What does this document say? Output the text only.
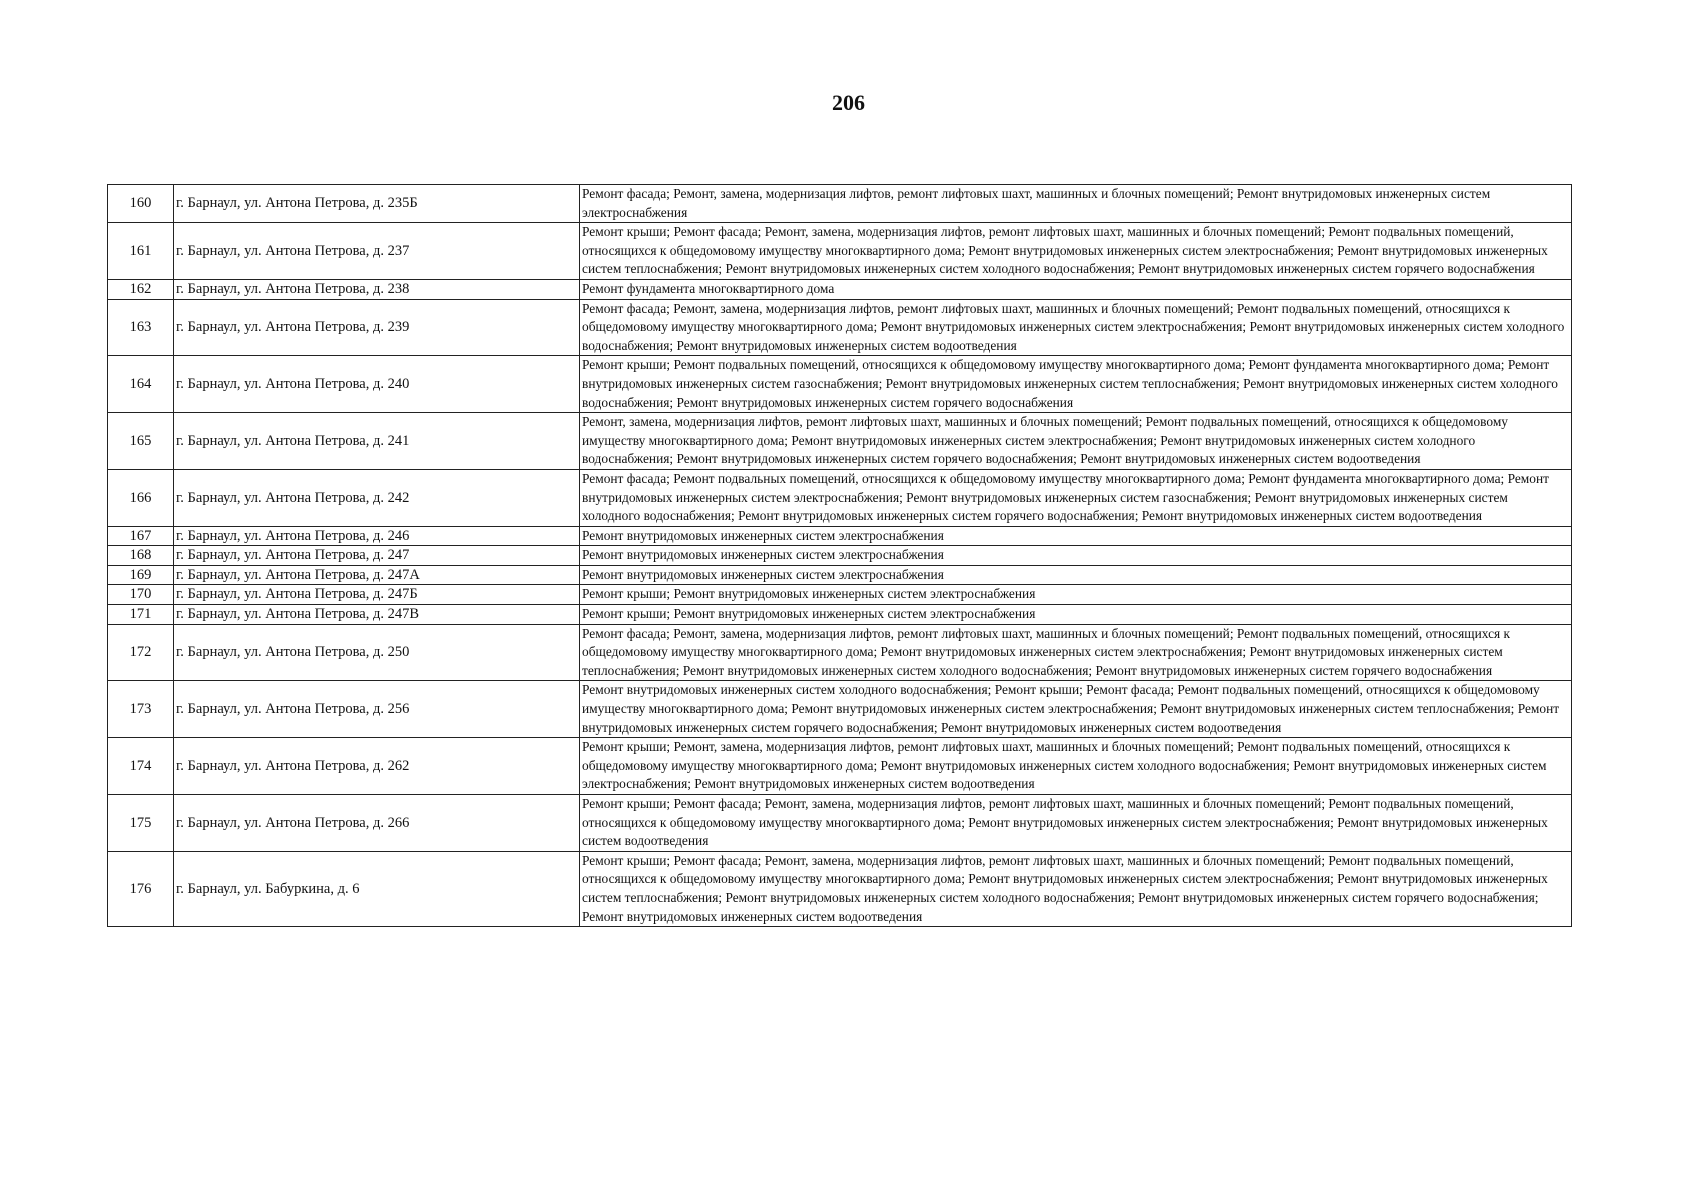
206
160	г. Барнаул, ул. Антона Петрова, д. 235Б	Ремонт фасада; Ремонт, замена, модернизация лифтов, ремонт лифтовых шахт, машинных и блочных помещений; Ремонт внутридомовых инженерных систем электроснабжения
161	г. Барнаул, ул. Антона Петрова, д. 237	Ремонт крыши; Ремонт фасада; Ремонт, замена, модернизация лифтов, ремонт лифтовых шахт, машинных и блочных помещений; Ремонт подвальных помещений, относящихся к общедомовому имуществу многоквартирного дома; Ремонт внутридомовых инженерных систем электроснабжения; Ремонт внутридомовых инженерных систем теплоснабжения; Ремонт внутридомовых инженерных систем холодного водоснабжения; Ремонт внутридомовых инженерных систем горячего водоснабжения
162	г. Барнаул, ул. Антона Петрова, д. 238	Ремонт фундамента многоквартирного дома
163	г. Барнаул, ул. Антона Петрова, д. 239	Ремонт фасада; Ремонт, замена, модернизация лифтов, ремонт лифтовых шахт, машинных и блочных помещений; Ремонт подвальных помещений, относящихся к общедомовому имуществу многоквартирного дома; Ремонт внутридомовых инженерных систем электроснабжения; Ремонт внутридомовых инженерных систем холодного водоснабжения; Ремонт внутридомовых инженерных систем водоотведения
164	г. Барнаул, ул. Антона Петрова, д. 240	Ремонт крыши; Ремонт подвальных помещений, относящихся к общедомовому имуществу многоквартирного дома; Ремонт фундамента многоквартирного дома; Ремонт внутридомовых инженерных систем газоснабжения; Ремонт внутридомовых инженерных систем теплоснабжения; Ремонт внутридомовых инженерных систем холодного водоснабжения; Ремонт внутридомовых инженерных систем горячего водоснабжения
165	г. Барнаул, ул. Антона Петрова, д. 241	Ремонт, замена, модернизация лифтов, ремонт лифтовых шахт, машинных и блочных помещений; Ремонт подвальных помещений, относящихся к общедомовому имуществу многоквартирного дома; Ремонт внутридомовых инженерных систем электроснабжения; Ремонт внутридомовых инженерных систем холодного водоснабжения; Ремонт внутридомовых инженерных систем горячего водоснабжения; Ремонт внутридомовых инженерных систем водоотведения
166	г. Барнаул, ул. Антона Петрова, д. 242	Ремонт фасада; Ремонт подвальных помещений, относящихся к общедомовому имуществу многоквартирного дома; Ремонт фундамента многоквартирного дома; Ремонт внутридомовых инженерных систем электроснабжения; Ремонт внутридомовых инженерных систем газоснабжения; Ремонт внутридомовых инженерных систем холодного водоснабжения; Ремонт внутридомовых инженерных систем горячего водоснабжения; Ремонт внутридомовых инженерных систем водоотведения
167	г. Барнаул, ул. Антона Петрова, д. 246	Ремонт внутридомовых инженерных систем электроснабжения
168	г. Барнаул, ул. Антона Петрова, д. 247	Ремонт внутридомовых инженерных систем электроснабжения
169	г. Барнаул, ул. Антона Петрова, д. 247А	Ремонт внутридомовых инженерных систем электроснабжения
170	г. Барнаул, ул. Антона Петрова, д. 247Б	Ремонт крыши; Ремонт внутридомовых инженерных систем электроснабжения
171	г. Барнаул, ул. Антона Петрова, д. 247В	Ремонт крыши; Ремонт внутридомовых инженерных систем электроснабжения
172	г. Барнаул, ул. Антона Петрова, д. 250	Ремонт фасада; Ремонт, замена, модернизация лифтов, ремонт лифтовых шахт, машинных и блочных помещений; Ремонт подвальных помещений, относящихся к общедомовому имуществу многоквартирного дома; Ремонт внутридомовых инженерных систем электроснабжения; Ремонт внутридомовых инженерных систем теплоснабжения; Ремонт внутридомовых инженерных систем холодного водоснабжения; Ремонт внутридомовых инженерных систем горячего водоснабжения
173	г. Барнаул, ул. Антона Петрова, д. 256	Ремонт внутридомовых инженерных систем холодного водоснабжения; Ремонт крыши; Ремонт фасада; Ремонт подвальных помещений, относящихся к общедомовому имуществу многоквартирного дома; Ремонт внутридомовых инженерных систем электроснабжения; Ремонт внутридомовых инженерных систем теплоснабжения; Ремонт внутридомовых инженерных систем горячего водоснабжения; Ремонт внутридомовых инженерных систем водоотведения
174	г. Барнаул, ул. Антона Петрова, д. 262	Ремонт крыши; Ремонт, замена, модернизация лифтов, ремонт лифтовых шахт, машинных и блочных помещений; Ремонт подвальных помещений, относящихся к общедомовому имуществу многоквартирного дома; Ремонт внутридомовых инженерных систем холодного водоснабжения; Ремонт внутридомовых инженерных систем электроснабжения; Ремонт внутридомовых инженерных систем водоотведения
175	г. Барнаул, ул. Антона Петрова, д. 266	Ремонт крыши; Ремонт фасада; Ремонт, замена, модернизация лифтов, ремонт лифтовых шахт, машинных и блочных помещений; Ремонт подвальных помещений, относящихся к общедомовому имуществу многоквартирного дома; Ремонт внутридомовых инженерных систем электроснабжения; Ремонт внутридомовых инженерных систем водоотведения
176	г. Барнаул, ул. Бабуркина, д. 6	Ремонт крыши; Ремонт фасада; Ремонт, замена, модернизация лифтов, ремонт лифтовых шахт, машинных и блочных помещений; Ремонт подвальных помещений, относящихся к общедомовому имуществу многоквартирного дома; Ремонт внутридомовых инженерных систем электроснабжения; Ремонт внутридомовых инженерных систем теплоснабжения; Ремонт внутридомовых инженерных систем холодного водоснабжения; Ремонт внутридомовых инженерных систем горячего водоснабжения; Ремонт внутридомовых инженерных систем водоотведения
